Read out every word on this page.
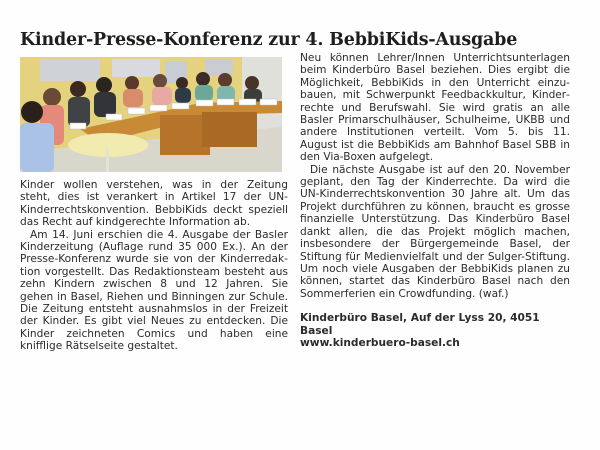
Kinder-Presse-Konferenz zur 4. BebbiKids-Ausgabe

Kinder wollen verstehen, was in der Zeitung steht, dies ist verankert in Artikel 17 der UN-Kinderrechtskonvention. BebbiKids deckt speziell das Recht auf kindgerechte Information ab.

Am 14. Juni erschien die 4. Ausgabe der Basler Kinderzeitung (Auflage rund 35 000 Ex.). An der Presse-Konferenz wurde sie von der Kinderredaktion vorgestellt. Das Redaktionsteam besteht aus zehn Kindern zwischen 8 und 12 Jahren. Sie gehen in Basel, Riehen und Binningen zur Schule. Die Zeitung entsteht ausnahmslos in der Freizeit der Kinder. Es gibt viel Neues zu entdecken. Die Kinder zeichneten Comics und haben eine knifflige Rätselseite gestaltet.

Neu können Lehrer/Innen Unterrichtsunterlagen beim Kinderbüro Basel beziehen. Dies ergibt die Möglichkeit, BebbiKids in den Unterricht einzubauen, mit Schwerpunkt Feedbackkultur, Kinderrechte und Berufswahl. Sie wird gratis an alle Basler Primarschulhäuser, Schulheime, UKBB und andere Institutionen verteilt. Vom 5. bis 11. August ist die BebbiKids am Bahnhof Basel SBB in den Via-Boxen aufgelegt.

Die nächste Ausgabe ist auf den 20. November geplant, den Tag der Kinderrechte. Da wird die UN-Kinderrechtskonvention 30 Jahre alt. Um das Projekt durchführen zu können, braucht es grosse finanzielle Unterstützung. Das Kinderbüro Basel dankt allen, die das Projekt möglich machen, insbesondere der Bürgergemeinde Basel, der Stiftung für Medienvielfalt und der Sulger-Stiftung. Um noch viele Ausgaben der BebbiKids planen zu können, startet das Kinderbüro Basel nach den Sommerferien ein Crowdfunding. (waf.)

Kinderbüro Basel, Auf der Lyss 20, 4051 Basel
www.kinderbuero-basel.ch
